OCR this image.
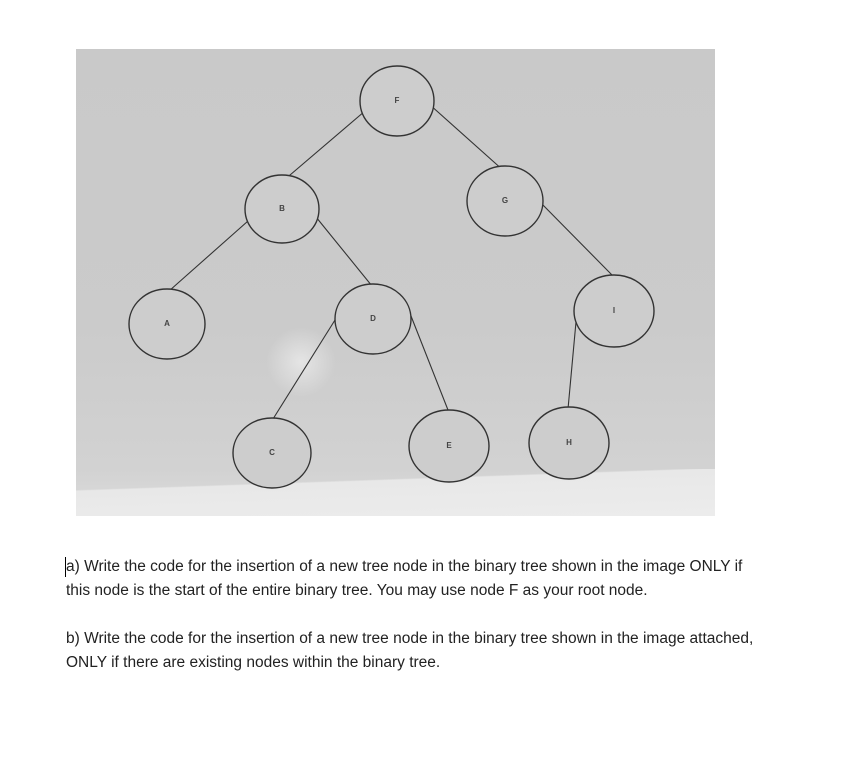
F
B
G
A
D
I
C
E	H

a) Write the code for the insertion of a new tree node in the binary tree shown in the image ONLY if this node is the start of the entire binary tree. You may use node F as your root node.

b) Write the code for the insertion of a new tree node in the binary tree shown in the image attached, ONLY if there are existing nodes within the binary tree.
